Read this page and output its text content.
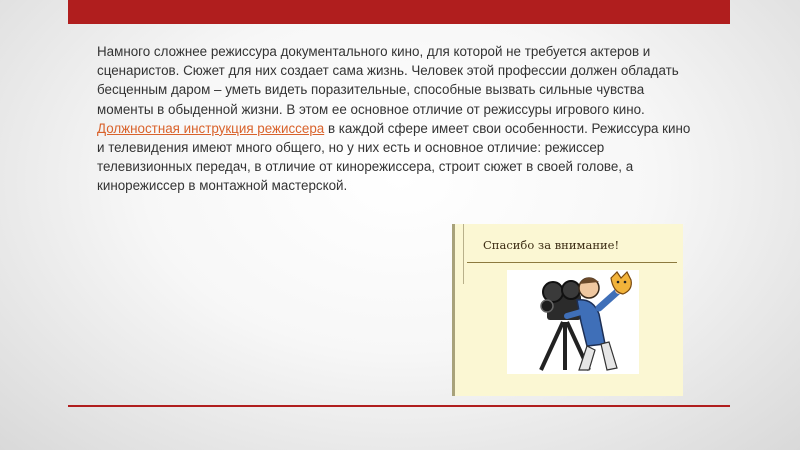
Намного сложнее режиссура документального кино, для которой не требуется актеров и сценаристов. Сюжет для них создает сама жизнь. Человек этой профессии должен обладать бесценным даром – уметь видеть поразительные, способные вызвать сильные чувства моменты в обыденной жизни. В этом ее основное отличие от режиссуры игрового кино. Должностная инструкция режиссера в каждой сфере имеет свои особенности. Режиссура кино и телевидения имеют много общего, но у них есть и основное отличие: режиссер телевизионных передач, в отличие от кинорежиссера, строит сюжет в своей голове, а кинорежиссер в монтажной мастерской.
Спасибо за внимание!
